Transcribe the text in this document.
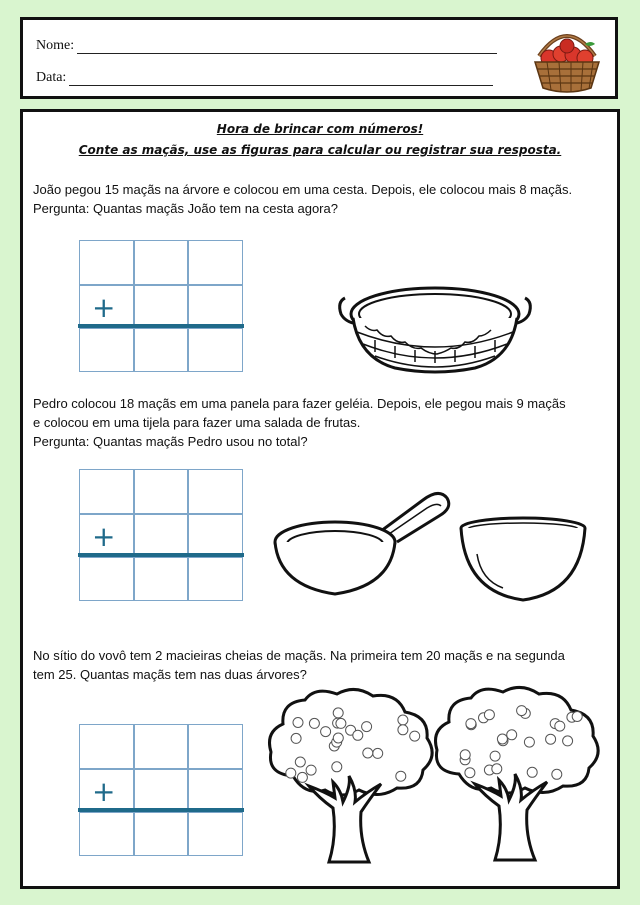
Nome:
Data:
Hora de brincar com números!
Conte as maçãs, use as figuras para calcular ou registrar sua resposta.
João pegou 15 maçãs na árvore e colocou em uma cesta. Depois, ele colocou mais 8 maçãs.
Pergunta: Quantas maçãs João tem na cesta agora?
+
Pedro colocou 18 maçãs em uma panela para fazer geléia. Depois, ele pegou mais 9 maçãs
e colocou em uma tijela para fazer uma salada de frutas.
Pergunta: Quantas maçãs Pedro usou no total?
+
No sítio do vovô tem 2 macieiras cheias de maçãs. Na primeira tem 20 maçãs e na segunda
tem 25. Quantas maçãs tem nas duas árvores?
+
